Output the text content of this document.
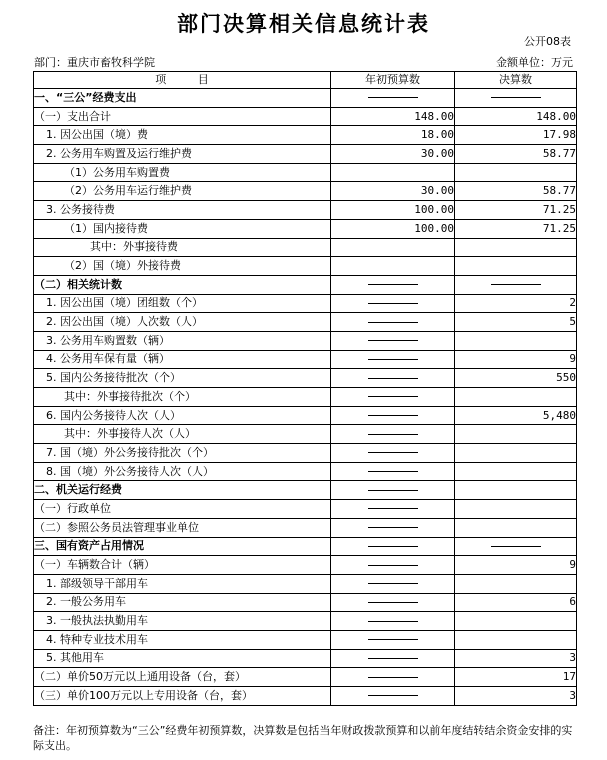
部门决算相关信息统计表
公开08表
部门：重庆市畜牧科学院	金额单位：万元
项 目	年初预算数	决算数
一、“三公”经费支出		
（一）支出合计	148.00	148.00
1. 因公出国（境）费	18.00	17.98
2. 公务用车购置及运行维护费	30.00	58.77
（1）公务用车购置费		
（2）公务用车运行维护费	30.00	58.77
3. 公务接待费	100.00	71.25
（1）国内接待费	100.00	71.25
其中：外事接待费		
（2）国（境）外接待费		
（二）相关统计数		
1. 因公出国（境）团组数（个）		2
2. 因公出国（境）人次数（人）		5
3. 公务用车购置数（辆）		
4. 公务用车保有量（辆）		9
5. 国内公务接待批次（个）		550
其中：外事接待批次（个）		
6. 国内公务接待人次（人）		5,480
其中：外事接待人次（人）		
7. 国（境）外公务接待批次（个）		
8. 国（境）外公务接待人次（人）		
二、机关运行经费		
（一）行政单位		
（二）参照公务员法管理事业单位		
三、国有资产占用情况		
（一）车辆数合计（辆）		9
1. 部级领导干部用车		
2. 一般公务用车		6
3. 一般执法执勤用车		
4. 特种专业技术用车		
5. 其他用车		3
（二）单价50万元以上通用设备（台，套）		17
（三）单价100万元以上专用设备（台，套）		3
备注：年初预算数为“三公”经费年初预算数，决算数是包括当年财政拨款预算和以前年度结转结余资金安排的实际支出。
